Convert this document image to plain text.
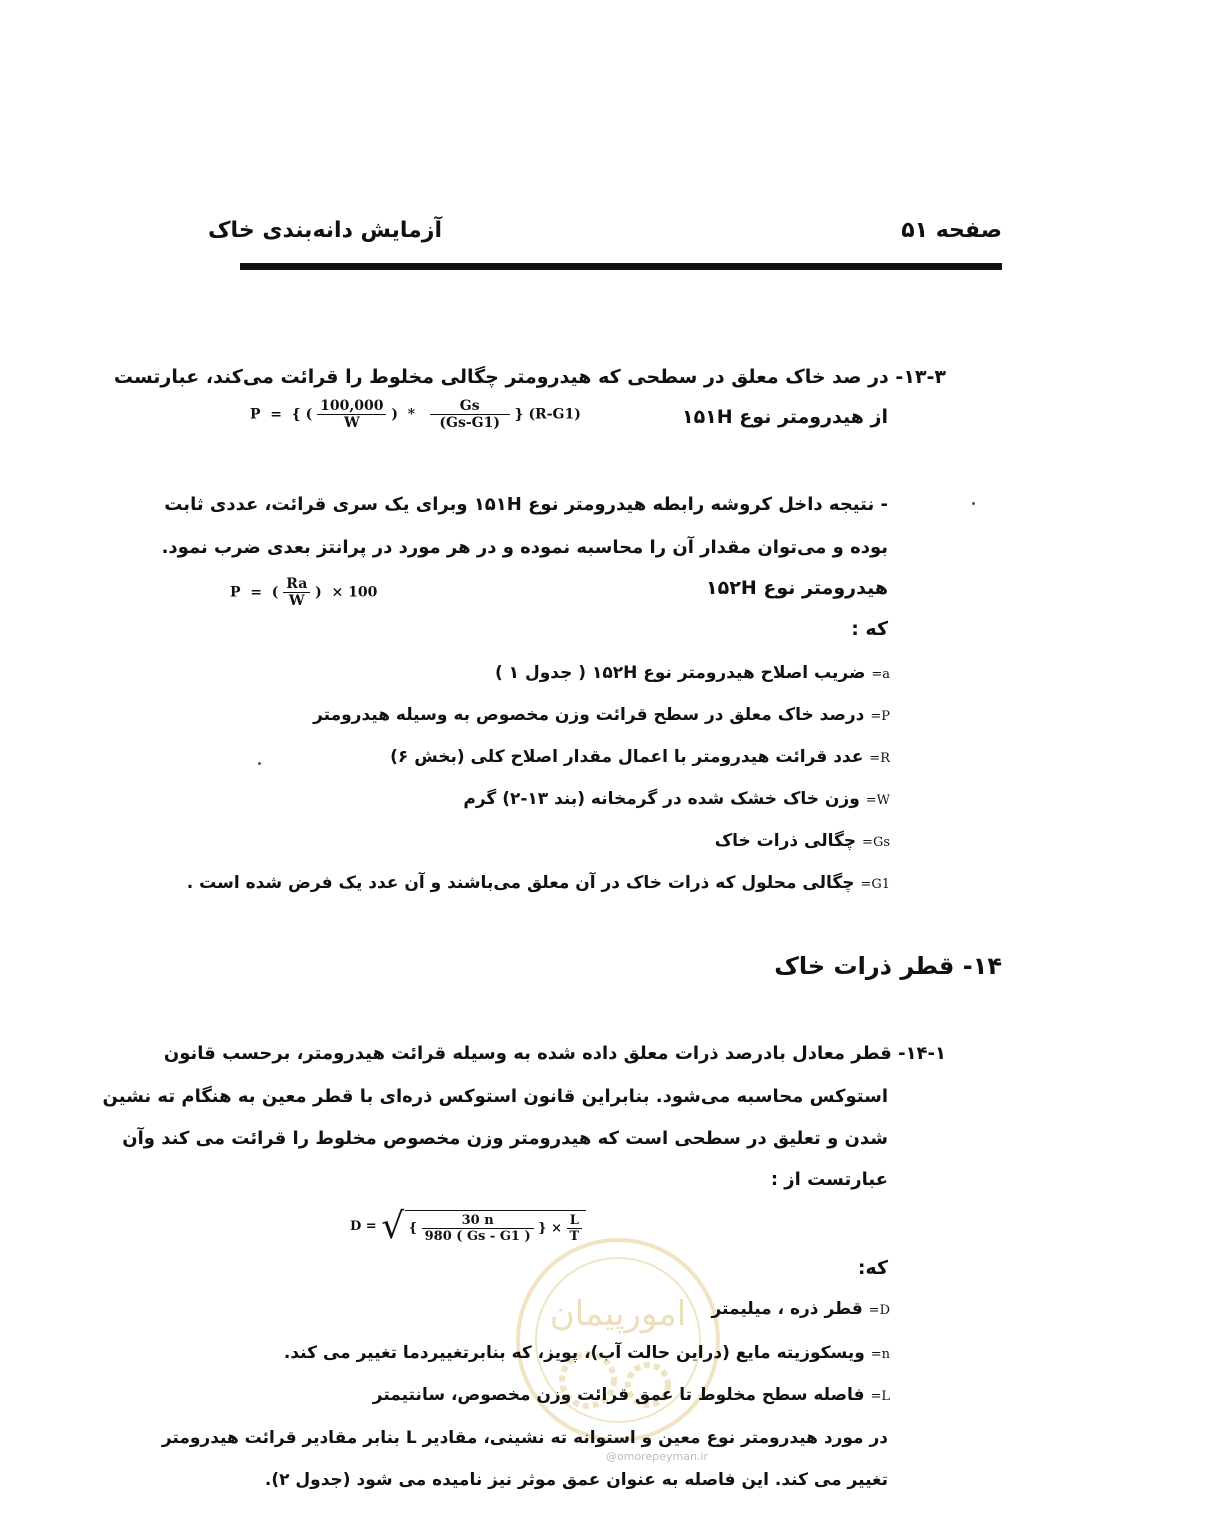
صفحه ۵۱
آزمایش دانه‌بندی خاک
۱۳-۳- در صد خاک معلق در سطحی که هیدرومتر چگالی مخلوط را قرائت می‌کند، عبارتست
از هیدرومتر نوع ۱۵۱H
P  =  { ( $\frac{100,000}{W}$ )  * $\frac{Gs}{(Gs-G1)}$ } (R-G1)
- نتیجه داخل کروشه رابطه هیدرومتر نوع ۱۵۱H وبرای یک سری قرائت، عددی ثابت
بوده و می‌توان مقدار آن را محاسبه نموده و در هر مورد در پرانتز بعدی ضرب نمود.
هیدرومتر نوع ۱۵۲H
P  =  ( $\frac{Ra}{W}$ )  × 100
که :
a= ضریب اصلاح هیدرومتر نوع ۱۵۲H ( جدول ۱ )
P= درصد خاک معلق در سطح قرائت وزن مخصوص به وسیله هیدرومتر
R= عدد قرائت هیدرومتر با اعمال مقدار اصلاح کلی (بخش ۶)
W= وزن خاک خشک شده در گرمخانه (بند ۱۳-۲) گرم
Gs= چگالی ذرات خاک
G1= چگالی محلول که ذرات خاک در آن معلق می‌باشند و آن عدد یک فرض شده است .
۱۴- قطر ذرات خاک
۱۴-۱- قطر معادل بادرصد ذرات معلق داده شده به وسیله قرائت هیدرومتر، برحسب قانون
استوکس محاسبه می‌شود. بنابراین قانون استوکس ذره‌ای با قطر معین به هنگام ته نشین
شدن و تعلیق در سطحی است که هیدرومتر وزن مخصوص مخلوط را قرائت می کند وآن
عبارتست از :
D = √ { $\frac{30 n}{980 ( Gs - G1 )}$ } × $\frac{L}{T}$
که:
امورپیمان	D= قطر ذره ، میلیمتر
n= ویسکوزیته مایع (دراین حالت آب)، پویز، که بنابرتغییردما تغییر می کند.
L= فاصله سطح مخلوط تا عمق قرائت وزن مخصوص، سانتیمتر
در مورد هیدرومتر نوع معین و استوانه ته نشینی، مقادیر L بنابر مقادیر قرائت هیدرومتر
@omorepeyman.ir
تغییر می کند. این فاصله به عنوان عمق موثر نیز نامیده می شود (جدول ۲).
